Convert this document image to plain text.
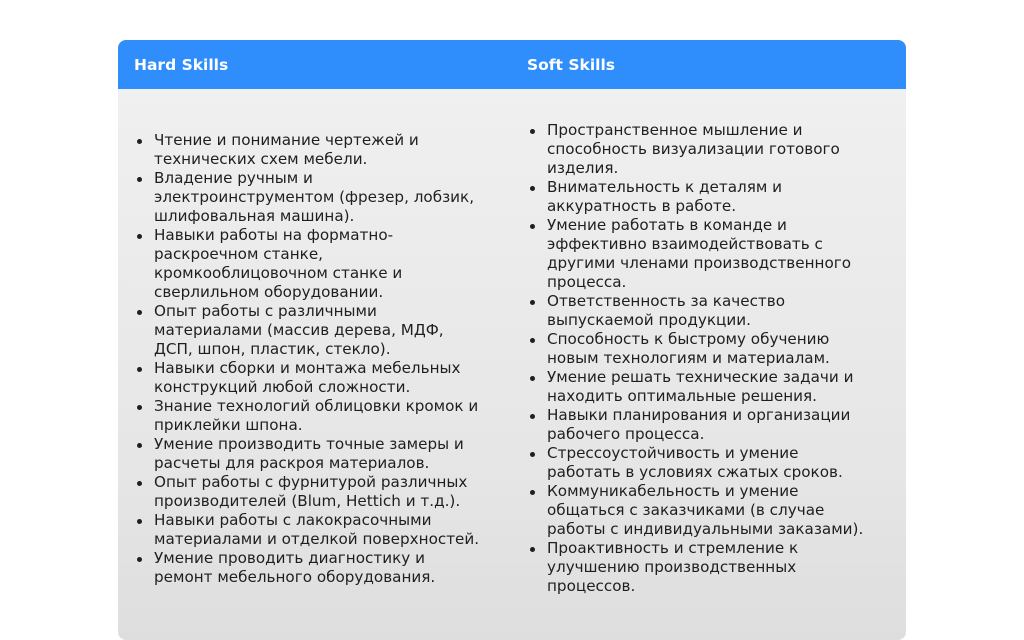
Hard Skills	Soft Skills
Чтение и понимание чертежей и
технических схем мебели.
Владение ручным и
электроинструментом (фрезер, лобзик,
шлифовальная машина).
Навыки работы на форматно-
раскроечном станке,
кромкооблицовочном станке и
сверлильном оборудовании.
Опыт работы с различными
материалами (массив дерева, МДФ,
ДСП, шпон, пластик, стекло).
Навыки сборки и монтажа мебельных
конструкций любой сложности.
Знание технологий облицовки кромок и
приклейки шпона.
Умение производить точные замеры и
расчеты для раскроя материалов.
Опыт работы с фурнитурой различных
производителей (Blum, Hettich и т.д.).
Навыки работы с лакокрасочными
материалами и отделкой поверхностей.
Умение проводить диагностику и
ремонт мебельного оборудования.
Пространственное мышление и
способность визуализации готового
изделия.
Внимательность к деталям и
аккуратность в работе.
Умение работать в команде и
эффективно взаимодействовать с
другими членами производственного
процесса.
Ответственность за качество
выпускаемой продукции.
Способность к быстрому обучению
новым технологиям и материалам.
Умение решать технические задачи и
находить оптимальные решения.
Навыки планирования и организации
рабочего процесса.
Стрессоустойчивость и умение
работать в условиях сжатых сроков.
Коммуникабельность и умение
общаться с заказчиками (в случае
работы с индивидуальными заказами).
Проактивность и стремление к
улучшению производственных
процессов.
